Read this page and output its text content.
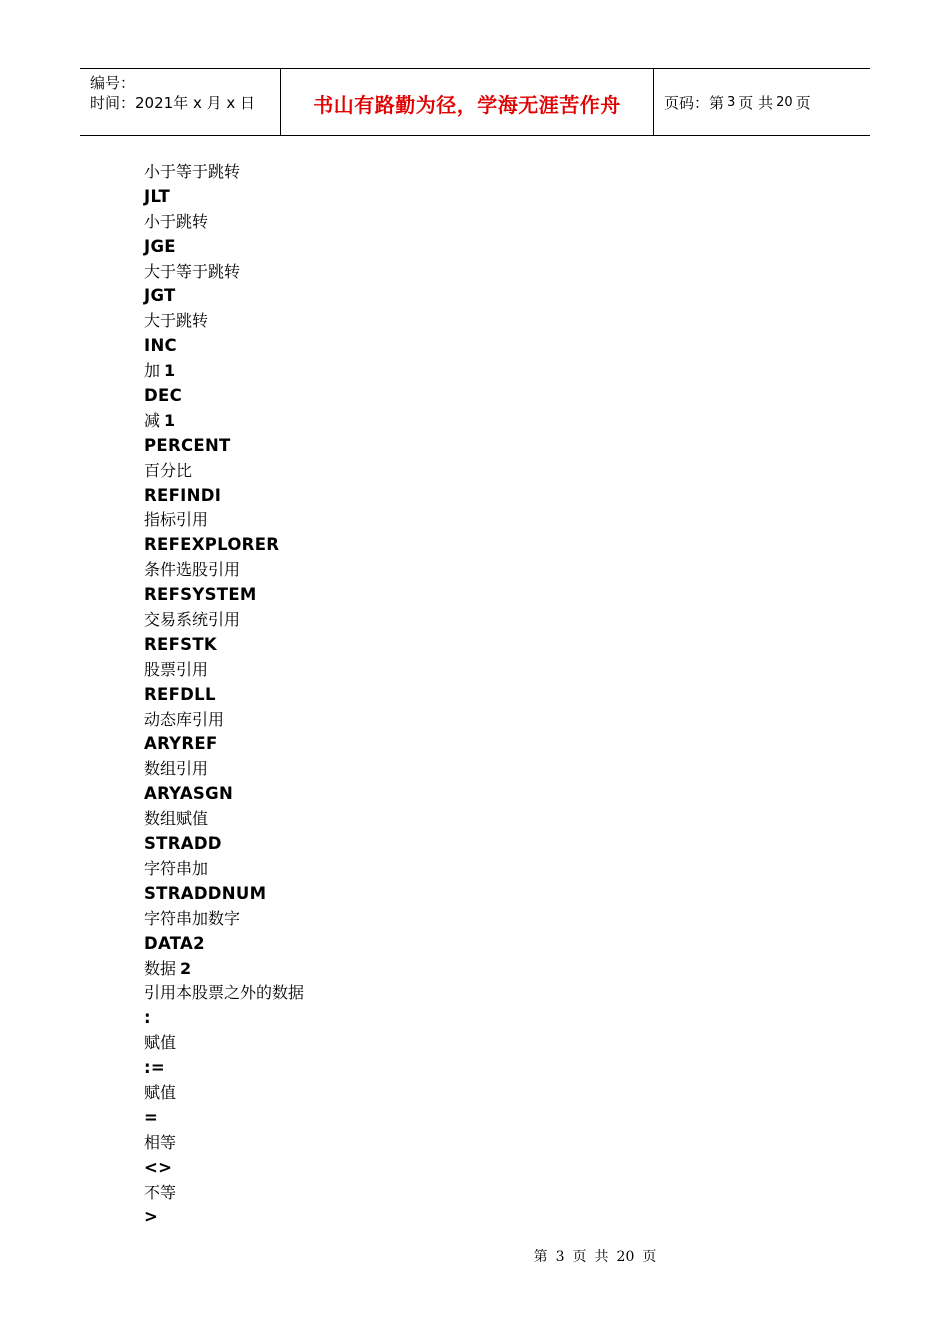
编号：
时间：2021年 x 月 x 日	书山有路勤为径，学海无涯苦作舟	页码：第 3 页 共 20 页
小于等于跳转
JLT
小于跳转
JGE
大于等于跳转
JGT
大于跳转
INC
加 1
DEC
减 1
PERCENT
百分比
REFINDI
指标引用
REFEXPLORER
条件选股引用
REFSYSTEM
交易系统引用
REFSTK
股票引用
REFDLL
动态库引用
ARYREF
数组引用
ARYASGN
数组赋值
STRADD
字符串加
STRADDNUM
字符串加数字
DATA2
数据 2
引用本股票之外的数据
:
赋值
:=
赋值
=
相等
<>
不等
>
第 3 页 共 20 页
